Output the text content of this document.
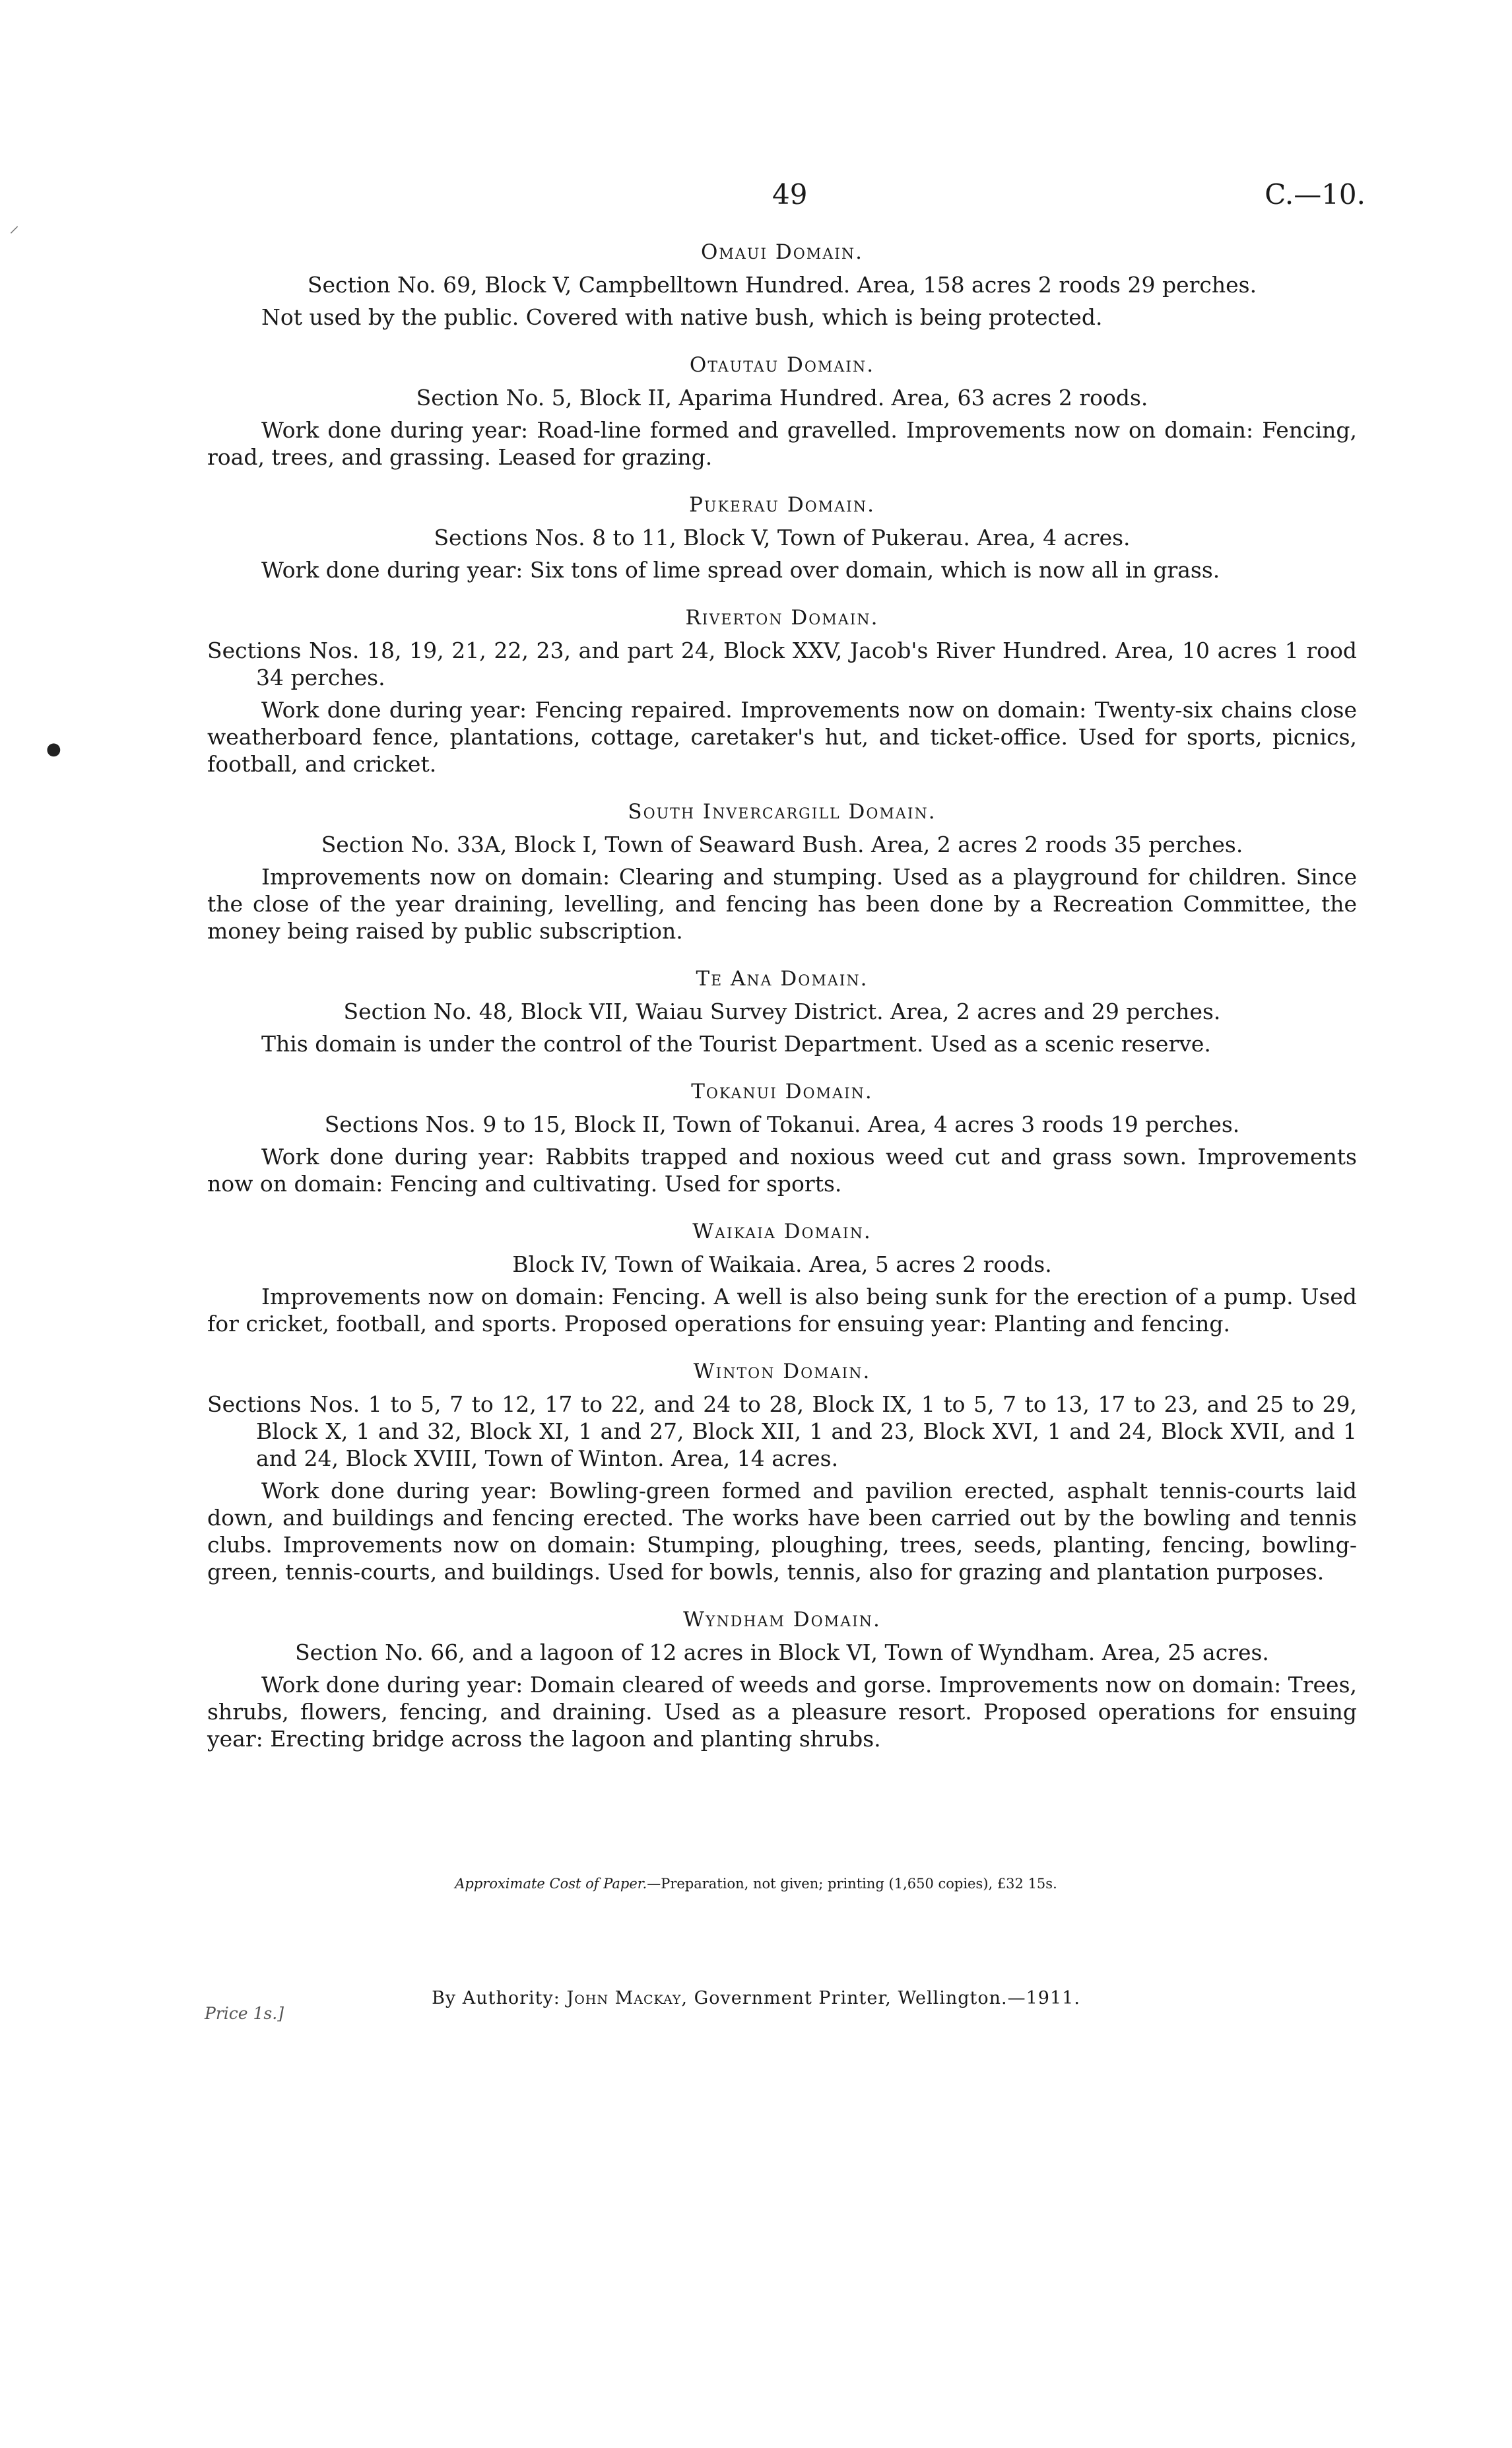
49	C.—10.
⸍
●
Omaui Domain.
Section No. 69, Block V, Campbelltown Hundred. Area, 158 acres 2 roods 29 perches.
Not used by the public. Covered with native bush, which is being protected.
Otautau Domain.
Section No. 5, Block II, Aparima Hundred. Area, 63 acres 2 roods.
Work done during year: Road-line formed and gravelled. Improvements now on domain: Fencing, road, trees, and grassing. Leased for grazing.
Pukerau Domain.
Sections Nos. 8 to 11, Block V, Town of Pukerau. Area, 4 acres.
Work done during year: Six tons of lime spread over domain, which is now all in grass.
Riverton Domain.
Sections Nos. 18, 19, 21, 22, 23, and part 24, Block XXV, Jacob's River Hundred. Area, 10 acres 1 rood 34 perches.
Work done during year: Fencing repaired. Improvements now on domain: Twenty-six chains close weatherboard fence, plantations, cottage, caretaker's hut, and ticket-office. Used for sports, picnics, football, and cricket.
South Invercargill Domain.
Section No. 33A, Block I, Town of Seaward Bush. Area, 2 acres 2 roods 35 perches.
Improvements now on domain: Clearing and stumping. Used as a playground for children. Since the close of the year draining, levelling, and fencing has been done by a Recreation Committee, the money being raised by public subscription.
Te Ana Domain.
Section No. 48, Block VII, Waiau Survey District. Area, 2 acres and 29 perches.
This domain is under the control of the Tourist Department. Used as a scenic reserve.
Tokanui Domain.
Sections Nos. 9 to 15, Block II, Town of Tokanui. Area, 4 acres 3 roods 19 perches.
Work done during year: Rabbits trapped and noxious weed cut and grass sown. Improvements now on domain: Fencing and cultivating. Used for sports.
Waikaia Domain.
Block IV, Town of Waikaia. Area, 5 acres 2 roods.
Improvements now on domain: Fencing. A well is also being sunk for the erection of a pump. Used for cricket, football, and sports. Proposed operations for ensuing year: Planting and fencing.
Winton Domain.
Sections Nos. 1 to 5, 7 to 12, 17 to 22, and 24 to 28, Block IX, 1 to 5, 7 to 13, 17 to 23, and 25 to 29, Block X, 1 and 32, Block XI, 1 and 27, Block XII, 1 and 23, Block XVI, 1 and 24, Block XVII, and 1 and 24, Block XVIII, Town of Winton. Area, 14 acres.
Work done during year: Bowling-green formed and pavilion erected, asphalt tennis-courts laid down, and buildings and fencing erected. The works have been carried out by the bowling and tennis clubs. Improvements now on domain: Stumping, ploughing, trees, seeds, planting, fencing, bowling-green, tennis-courts, and buildings. Used for bowls, tennis, also for grazing and plantation purposes.
Wyndham Domain.
Section No. 66, and a lagoon of 12 acres in Block VI, Town of Wyndham. Area, 25 acres.
Work done during year: Domain cleared of weeds and gorse. Improvements now on domain: Trees, shrubs, flowers, fencing, and draining. Used as a pleasure resort. Proposed operations for ensuing year: Erecting bridge across the lagoon and planting shrubs.
Approximate Cost of Paper.—Preparation, not given; printing (1,650 copies), £32 15s.
Price 1s.]
By Authority: John Mackay, Government Printer, Wellington.—1911.
